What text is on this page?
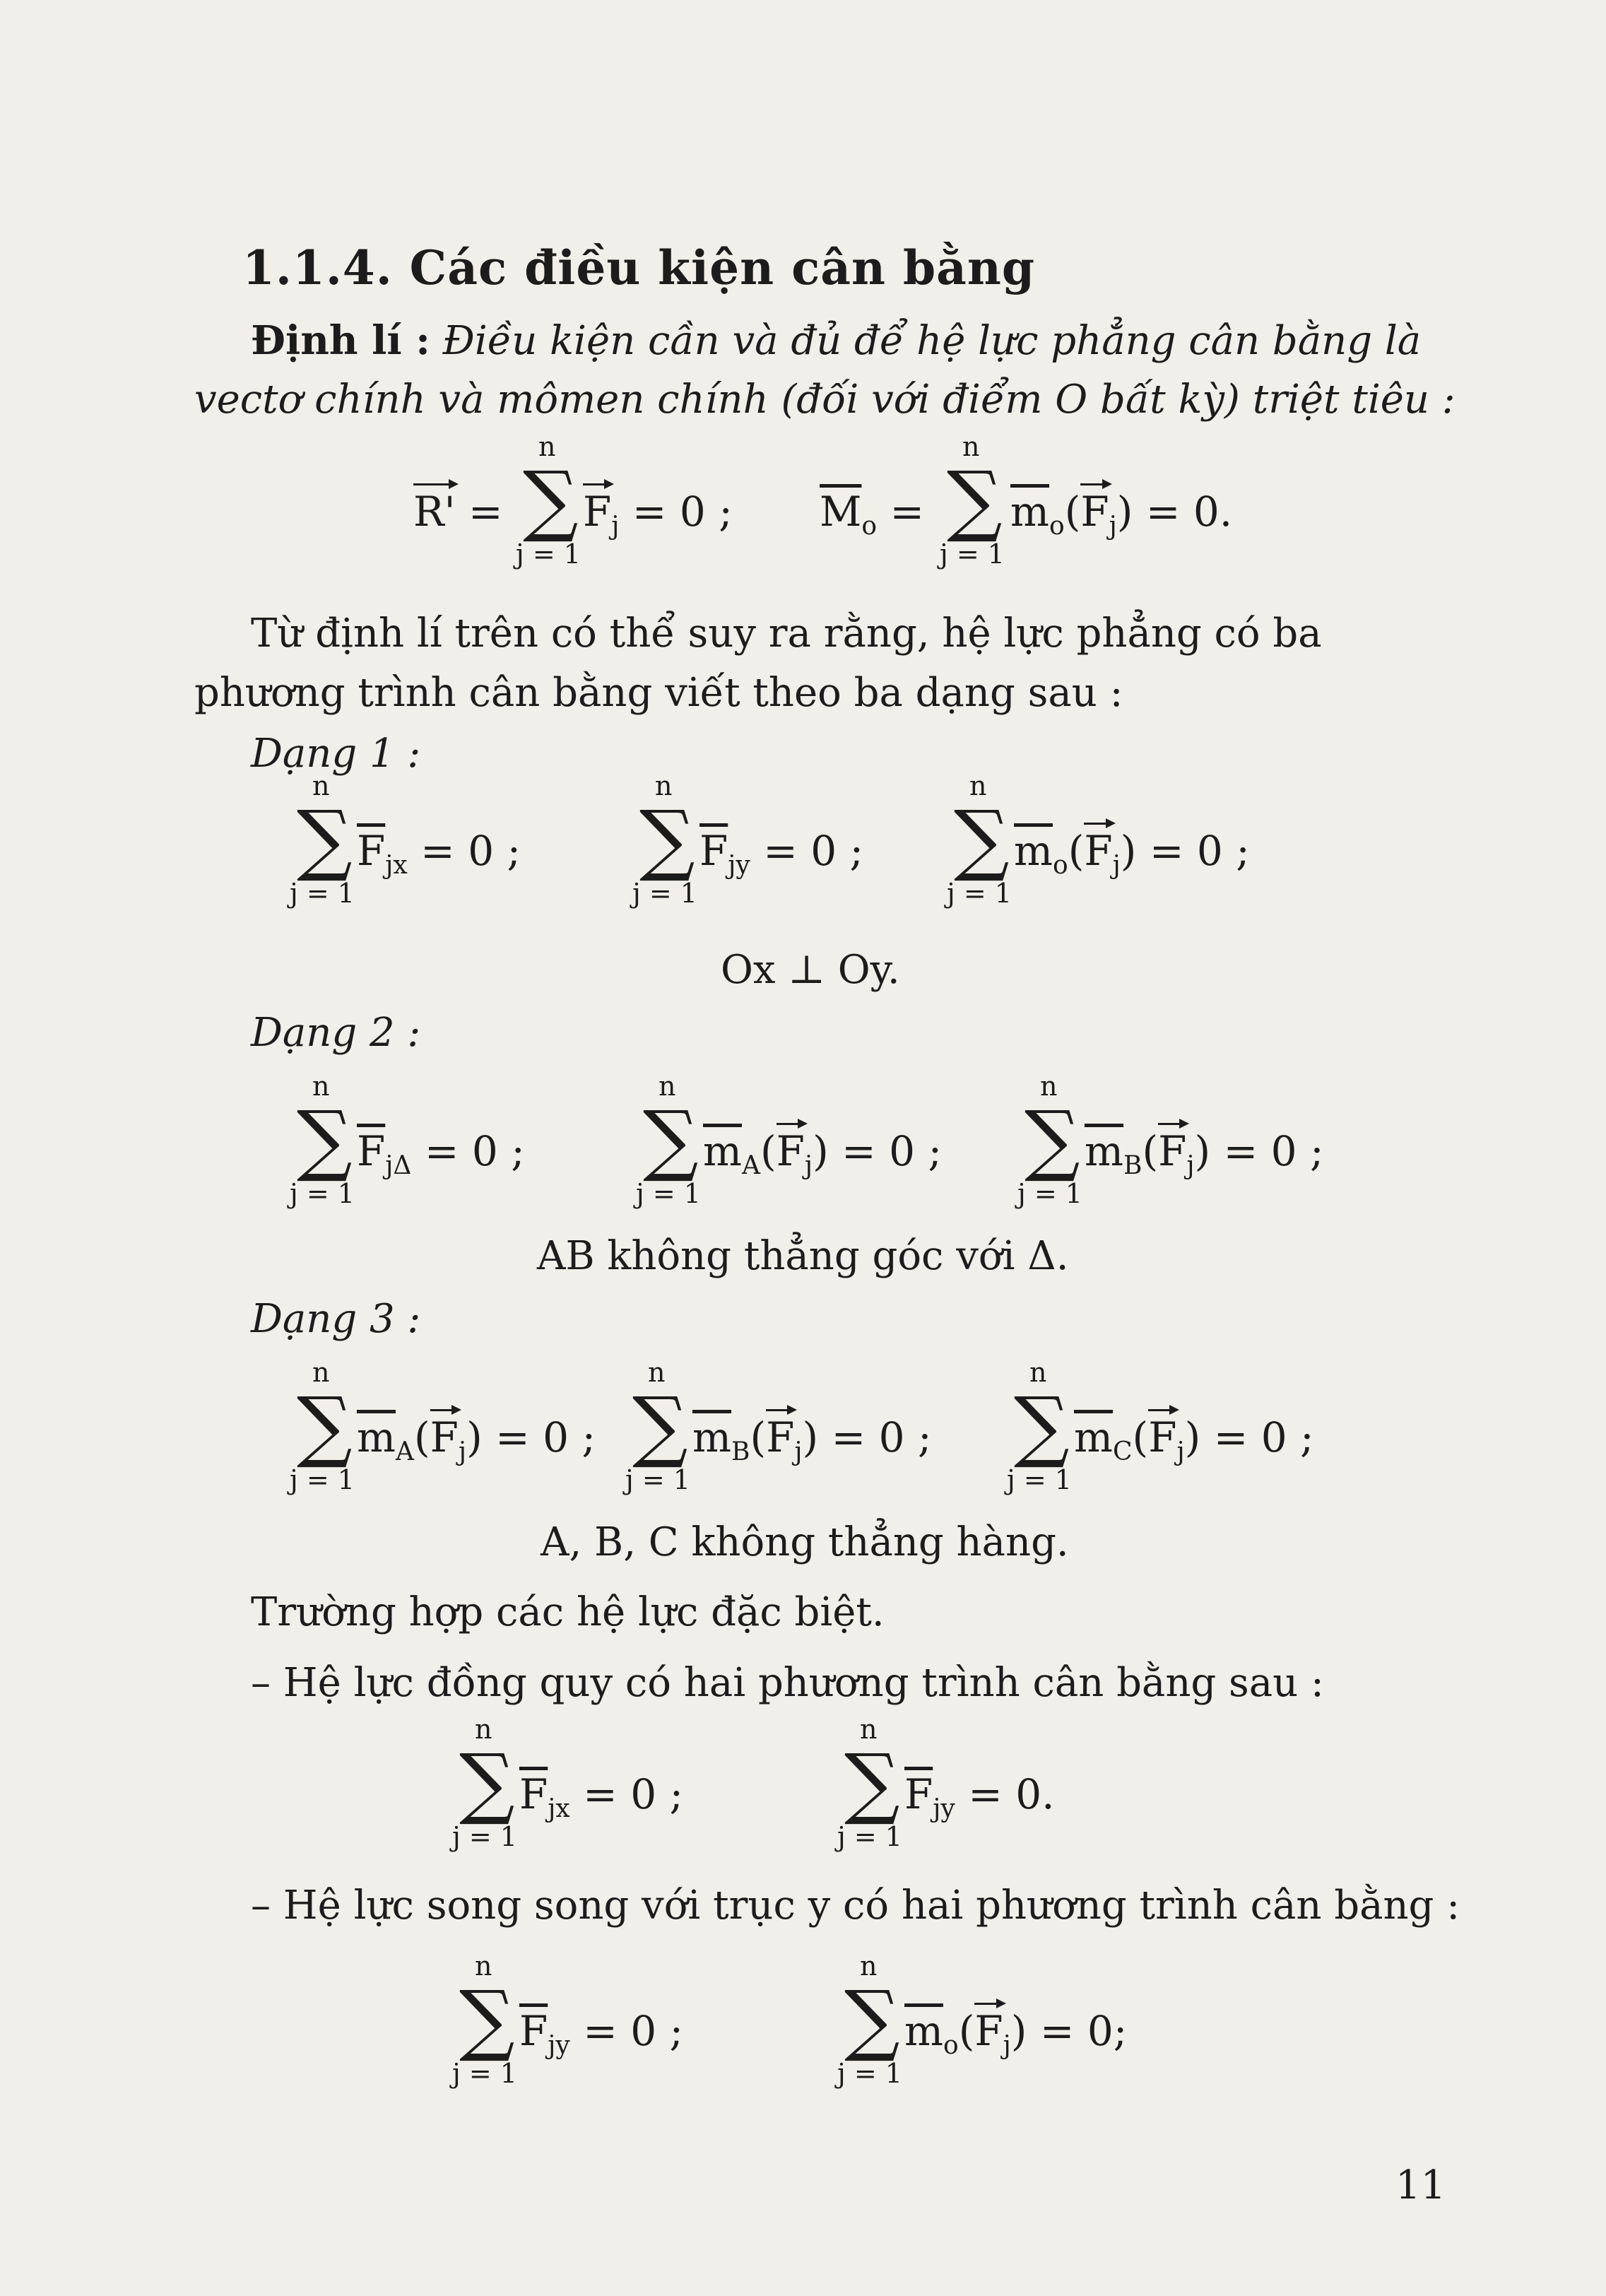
1.1.4. Các điều kiện cân bằng
Định lí : Điều kiện cần và đủ để hệ lực phẳng cân bằng là
vectơ chính và mômen chính (đối với điểm O bất kỳ) triệt tiêu :
R' =
n
∑
j = 1
$F_j = 0$ ; $\overline{M}_o$ =
n
∑
j = 1
$\overline{m}_o(F_j) = 0$.
Từ định lí trên có thể suy ra rằng, hệ lực phẳng có ba
phương trình cân bằng viết theo ba dạng sau :
Dạng 1 :
n
∑
j = 1
$\overline{F}_{jx} = 0$ ;
n
∑
j = 1
$\overline{F}_{jy} = 0$ ;
n
∑
j = 1
$\overline{m}_o(F_j) = 0$ ;
Ox ⊥ Oy.
Dạng 2 :
n
∑
j = 1
$\overline{F}_{j\Delta} = 0$ ;
n
∑
j = 1
$\overline{m}_A(F_j) = 0$ ;
n
∑
j = 1
$\overline{m}_B(F_j) = 0$ ;
AB không thẳng góc với Δ.
Dạng 3 :
n
∑
j = 1
$\overline{m}_A(F_j) = 0$ ;
n
∑
j = 1
$\overline{m}_B(F_j) = 0$ ;
n
∑
j = 1
$\overline{m}_C(F_j) = 0$ ;
A, B, C không thẳng hàng.
Trường hợp các hệ lực đặc biệt.
– Hệ lực đồng quy có hai phương trình cân bằng sau :
n
∑
j = 1
$\overline{F}_{jx} = 0$ ;
n
∑
j = 1
$\overline{F}_{jy} = 0$.
– Hệ lực song song với trục y có hai phương trình cân bằng :
n
∑
j = 1
$\overline{F}_{jy} = 0$ ;
n
∑
j = 1
$\overline{m}_o(F_j) = 0$;
11
